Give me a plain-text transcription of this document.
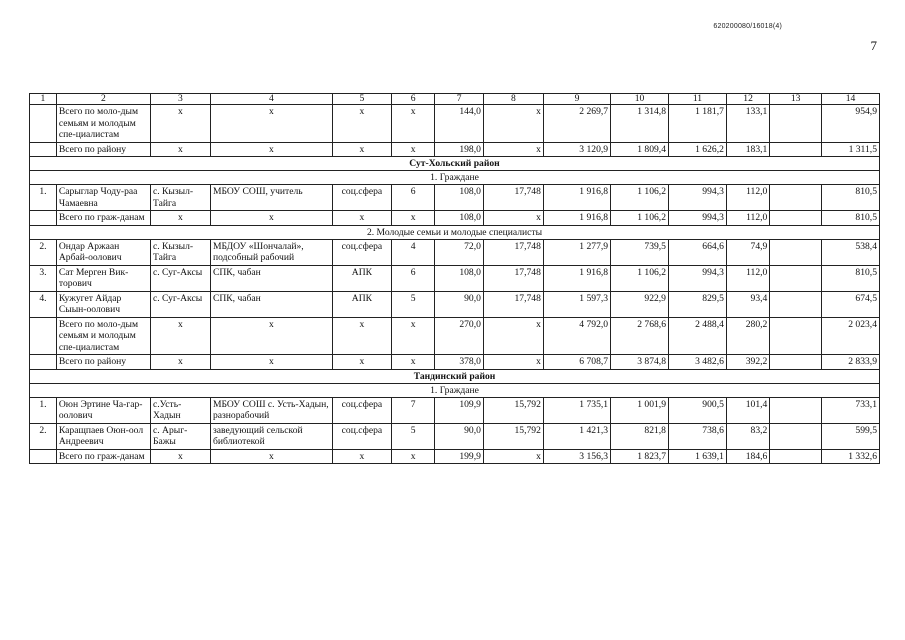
620200080/16018(4)
7
1	2	3	4	5	6	7	8	9	10	11	12	13	14
	Всего по моло-дым семьям и молодым спе-циалистам	х	х	х	х	144,0	х	2 269,7	1 314,8	1 181,7	133,1		954,9
	Всего по району	х	х	х	х	198,0	х	3 120,9	1 809,4	1 626,2	183,1		1 311,5
Сут-Хольский район													
1. Граждане													
1.	Сарыглар Чоду-раа Чамаевна	с. Кызыл-Тайга	МБОУ СОШ, учитель	соц.сфера	6	108,0	17,748	1 916,8	1 106,2	994,3	112,0		810,5
	Всего по граж-данам	х	х	х	х	108,0	х	1 916,8	1 106,2	994,3	112,0		810,5
2. Молодые семьи и молодые специалисты													
2.	Ондар Аржаан Арбай-оолович	с. Кызыл-Тайга	МБДОУ «Шончалай», подсобный рабочий	соц.сфера	4	72,0	17,748	1 277,9	739,5	664,6	74,9		538,4
3.	Сат Мерген Вик-торович	с. Суг-Аксы	СПК, чабан	АПК	6	108,0	17,748	1 916,8	1 106,2	994,3	112,0		810,5
4.	Кужугет Айдар Сыын-оолович	с. Суг-Аксы	СПК, чабан	АПК	5	90,0	17,748	1 597,3	922,9	829,5	93,4		674,5
	Всего по моло-дым семьям и молодым спе-циалистам	х	х	х	х	270,0	х	4 792,0	2 768,6	2 488,4	280,2		2 023,4
	Всего по району	х	х	х	х	378,0	х	6 708,7	3 874,8	3 482,6	392,2		2 833,9
Тандинский район													
1. Граждане													
1.	Оюн Эртине Ча-гар-оолович	с.Усть-Хадын	МБОУ СОШ с. Усть-Хадын, разнорабочий	соц.сфера	7	109,9	15,792	1 735,1	1 001,9	900,5	101,4		733,1
2.	Каращпаев Оюн-оол Андреевич	с. Арыг-Бажы	заведующий сельской библиотекой	соц.сфера	5	90,0	15,792	1 421,3	821,8	738,6	83,2		599,5
	Всего по граж-данам	х	х	х	х	199,9	х	3 156,3	1 823,7	1 639,1	184,6		1 332,6
